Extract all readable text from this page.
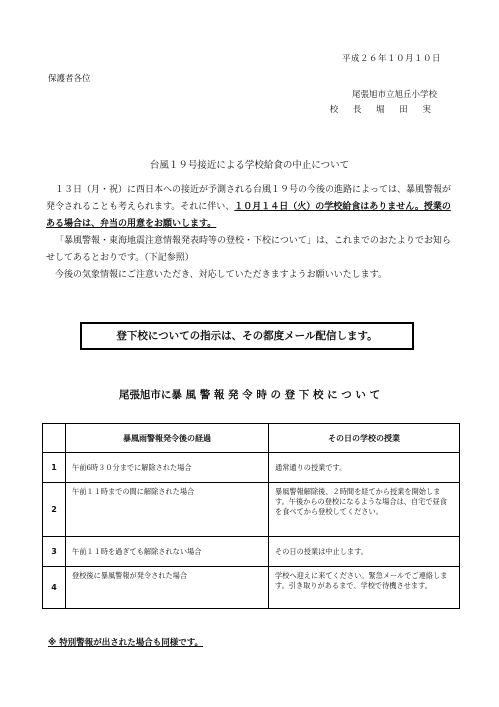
平成２６年１０月１０日
保護者各位
尾張旭市立旭丘小学校
校 長 堀 田 実
台風１９号接近による学校給食の中止について

１３日（月・祝）に西日本への接近が予測される台風１９号の今後の進路によっては、暴風警報が発令されることも考えられます。それに伴い、１０月１４日（火）の学校給食はありません。授業のある場合は、弁当の用意をお願いします。

「暴風警報・東海地震注意情報発表時等の登校・下校について」は、これまでのおたよりでお知らせしてあるとおりです。（下記参照）

今後の気象情報にご注意いただき、対応していただきますようお願いいたします。

登下校についての指示は、その都度メール配信します。
尾張旭市に暴 風 警 報 発 令 時 の 登 下 校 に つ い て
	暴風雨警報発令後の経過	その日の学校の授業
1	午前6時３０分までに解除された場合	通常通りの授業です。
2	午前１１時までの間に解除された場合	暴風警報解除後、２時間を経てから授業を開始します。午後からの登校になるような場合は、自宅で昼食を食べてから登校してください。
3	午前１１時を過ぎても解除されない場合	その日の授業は中止します。
4	登校後に暴風警報が発令された場合	学校へ迎えに来てください。緊急メールでご連絡します。引き取りがあるまで、学校で待機させます。
※ 特別警報が出された場合も同様です。
